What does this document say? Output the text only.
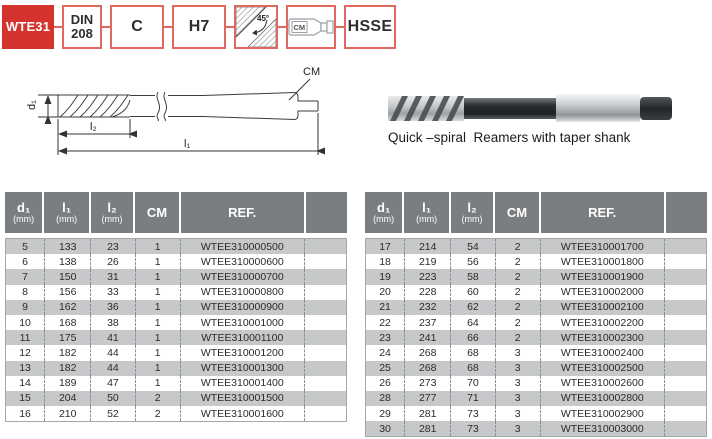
WTE31 DIN
208 C	H7	45°
CM	HSSE
CM
d₁
l₂
l₁	Quick –spiral  Reamers with taper shank
d₁
(mm)
l₁
(mm)
l₂
(mm) CM	REF.
5	133	23	1	WTEE310000500
6	138	26	1	WTEE310000600
7	150	31	1	WTEE310000700
8	156	33	1	WTEE310000800
9	162	36	1	WTEE310000900
10	168	38	1	WTEE310001000
11	175	41	1	WTEE310001100
12	182	44	1	WTEE310001200
13	182	44	1	WTEE310001300
14	189	47	1	WTEE310001400
15	204	50	2	WTEE310001500
16	210	52	2	WTEE310001600
d₁
(mm)
l₁
(mm)
l₂
(mm) CM	REF.
17	214	54	2	WTEE310001700
18	219	56	2	WTEE310001800
19	223	58	2	WTEE310001900
20	228	60	2	WTEE310002000
21	232	62	2	WTEE310002100
22	237	64	2	WTEE310002200
23	241	66	2	WTEE310002300
24	268	68	3	WTEE310002400
25	268	68	3	WTEE310002500
26	273	70	3	WTEE310002600
28	277	71	3	WTEE310002800
29	281	73	3	WTEE310002900
30	281	73	3	WTEE310003000
